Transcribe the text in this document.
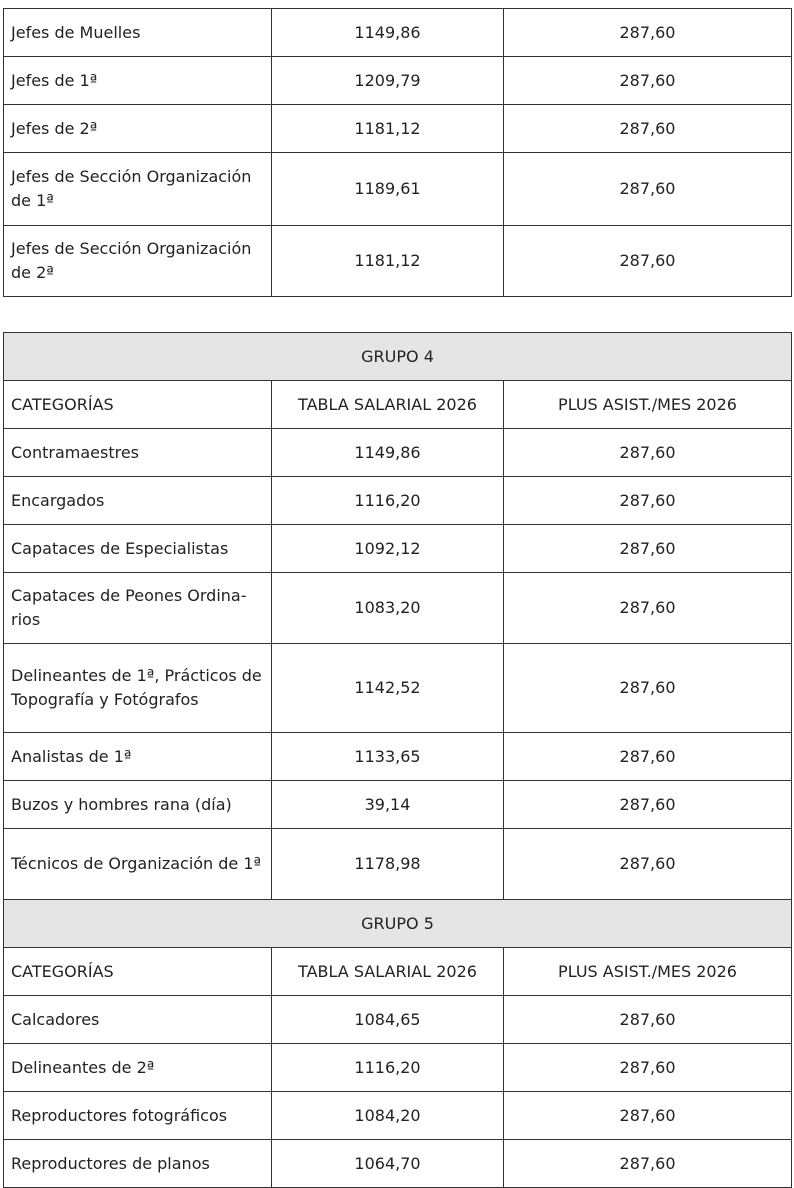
Jefes de Muelles	1149,86	287,60
Jefes de 1ª	1209,79	287,60
Jefes de 2ª	1181,12	287,60
Jefes de Sección Organización de 1ª	1189,61	287,60
Jefes de Sección Organización de 2ª	1181,12	287,60
GRUPO 4		
CATEGORÍAS	TABLA SALARIAL 2026	PLUS ASIST./MES 2026
Contramaestres	1149,86	287,60
Encargados	1116,20	287,60
Capataces de Especialistas	1092,12	287,60
Capataces de Peones Ordina-rios	1083,20	287,60
Delineantes de 1ª, Prácticos de Topografía y Fotógrafos	1142,52	287,60
Analistas de 1ª	1133,65	287,60
Buzos y hombres rana (día)	39,14	287,60
Técnicos de Organización de 1ª	1178,98	287,60
GRUPO 5		
CATEGORÍAS	TABLA SALARIAL 2026	PLUS ASIST./MES 2026
Calcadores	1084,65	287,60
Delineantes de 2ª	1116,20	287,60
Reproductores fotográficos	1084,20	287,60
Reproductores de planos	1064,70	287,60
